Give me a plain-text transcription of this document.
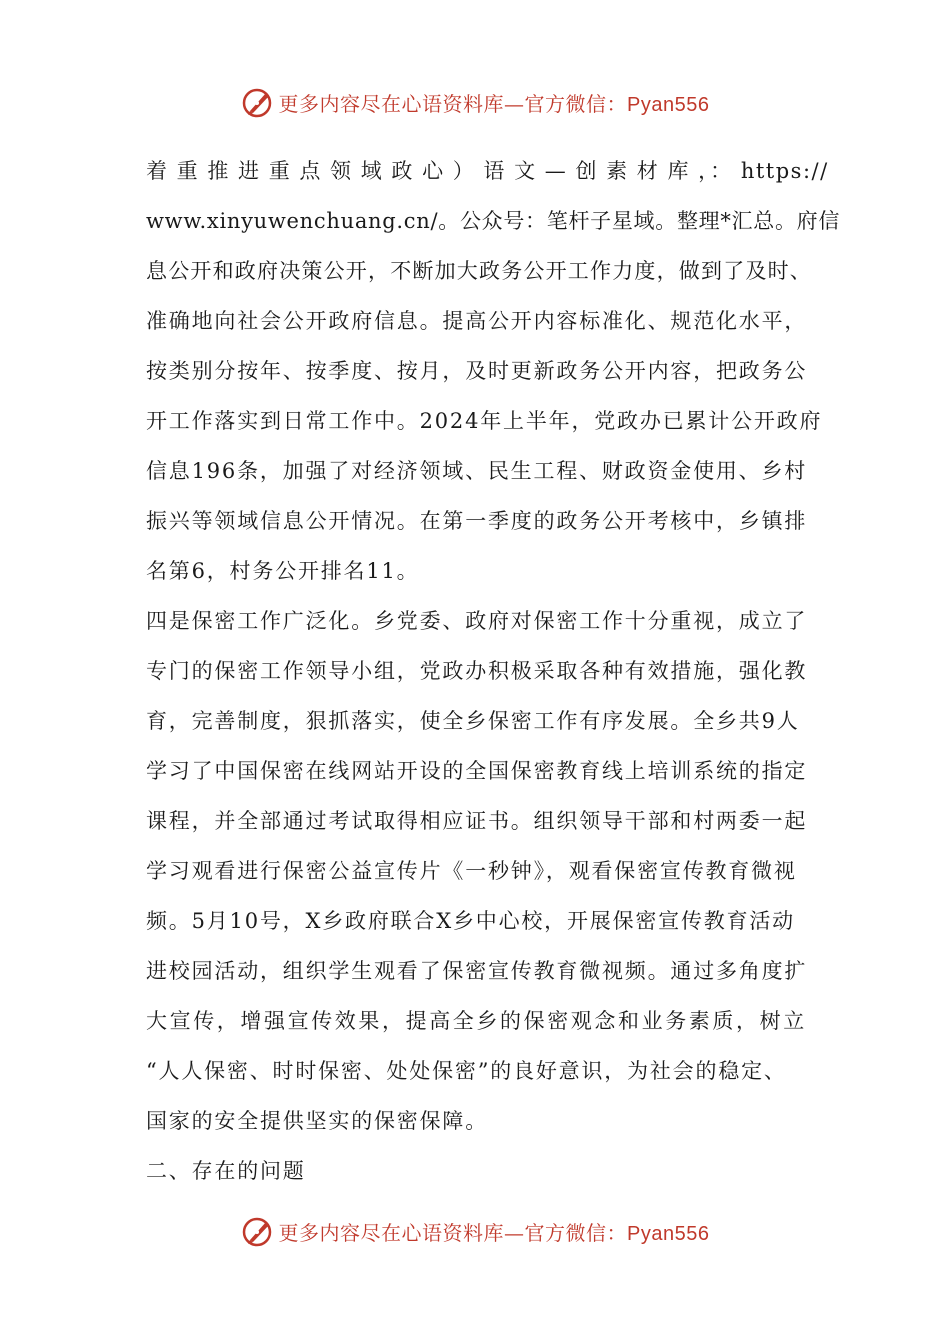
更多内容尽在心语资料库—官方微信：Pyan556
着 重 推 进 重 点 领 域 政 心 ） 语 文 — 创 素 材 库 ，： https://
www.xinyuwenchuang.cn/。公众号：笔杆子星域。整理*汇总。府信
息公开和政府决策公开，不断加大政务公开工作力度，做到了及时、
准确地向社会公开政府信息。提高公开内容标准化、规范化水平，
按类别分按年、按季度、按月，及时更新政务公开内容，把政务公
开工作落实到日常工作中。2024年上半年，党政办已累计公开政府
信息196条，加强了对经济领域、民生工程、财政资金使用、乡村
振兴等领域信息公开情况。在第一季度的政务公开考核中，乡镇排
名第6，村务公开排名11。
四是保密工作广泛化。乡党委、政府对保密工作十分重视，成立了
专门的保密工作领导小组，党政办积极采取各种有效措施，强化教
育，完善制度，狠抓落实，使全乡保密工作有序发展。全乡共9人
学习了中国保密在线网站开设的全国保密教育线上培训系统的指定
课程，并全部通过考试取得相应证书。组织领导干部和村两委一起
学习观看进行保密公益宣传片《一秒钟》，观看保密宣传教育微视
频。5月10号，X乡政府联合X乡中心校，开展保密宣传教育活动
进校园活动，组织学生观看了保密宣传教育微视频。通过多角度扩
大宣传，增强宣传效果，提高全乡的保密观念和业务素质，树立
“人人保密、时时保密、处处保密”的良好意识，为社会的稳定、
国家的安全提供坚实的保密保障。
二、存在的问题
更多内容尽在心语资料库—官方微信：Pyan556
